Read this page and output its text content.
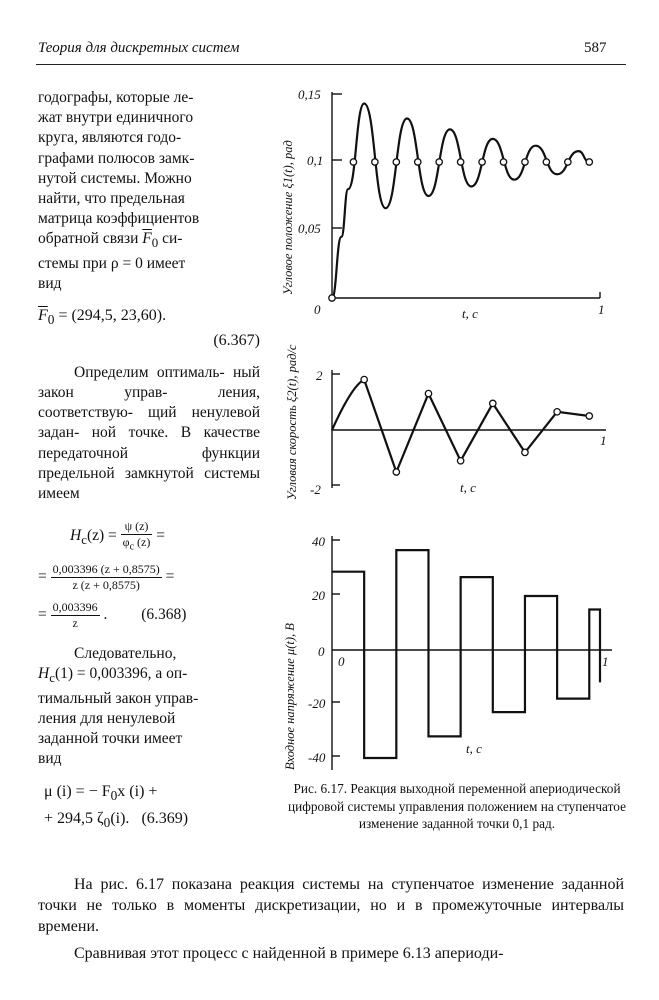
Теория для дискретных систем	587

годографы, которые ле-
жат внутри единичного
круга, являются годо-
графами полюсов замк-
нутой системы. Можно
найти, что предельная
матрица коэффициентов
обратной связи $\overline{F}_0$ си-
стемы при ρ = 0 имеет
вид

$\overline{F}_0 = (294,5$, 23,60).
(6.367)

Определим оптималь- ный закон управ-	ления, соответствую- щий ненулевой задан- ной точке. В качестве передаточной функции предельной замкнутой системы имеем

$H_c(z) = \frac{\psi (z)}{\varphi_c (z)}$ =
= $\frac{0,003396 (z + 0,8575)}{z (z + 0,8575)}$ =
= $\frac{0,003396}{z}$ . (6.368)

Следовательно,
$H_c(1) = 0,003396$, а оп-
тимальный закон управ-
ления для ненулевой
заданной точки имеет
вид

μ (i) = − $F_0x$ (i) +
+ 294,5 $\zeta_0(i)$. (6.369)
0,15
0,1
0,05
0	1
t, c
Угловое положение ξ1(t), рад
2
-2
1
t, c
Угловая скорость ξ2(t), рад/с
40
20
0
-20
-40
0	1
t, c
Входное напряжение μ(t), В
Рис. 6.17. Реакция выходной переменной апериодической цифровой системы управления положением на ступенчатое изменение заданной точки 0,1 рад.

На рис. 6.17 показана реакция системы на ступенчатое изменение заданной точки не только в моменты дискретизации, но и в промежуточные интервалы времени.

Сравнивая этот процесс с найденной в примере 6.13 апериоди-
